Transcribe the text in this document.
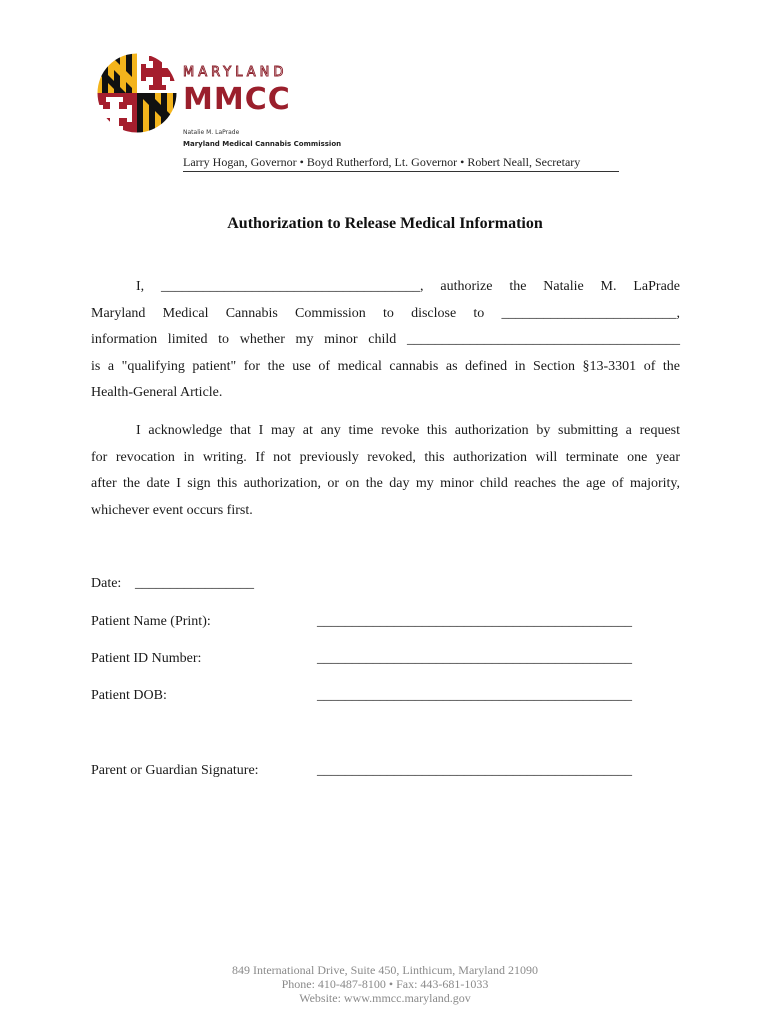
MARYLAND
MMCC
Natalie M. LaPrade
Maryland Medical Cannabis Commission
Larry Hogan, Governor • Boyd Rutherford, Lt. Governor • Robert Neall, Secretary
Authorization to Release Medical Information
I, _____________________________________, authorize the Natalie M. LaPrade
Maryland Medical Cannabis Commission to disclose to _________________________,
information limited to whether my minor child _______________________________________
is a "qualifying patient" for the use of medical cannabis as defined in Section §13-3301 of the
Health-General Article.
I acknowledge that I may at any time revoke this authorization by submitting a request
for revocation in writing. If not previously revoked, this authorization will terminate one year
after the date I sign this authorization, or on the day my minor child reaches the age of majority,
whichever event occurs first.
Date: _________________
Patient Name (Print):	_____________________________________________
Patient ID Number:	_____________________________________________
Patient DOB:	_____________________________________________
Parent or Guardian Signature:	_____________________________________________
849 International Drive, Suite 450, Linthicum, Maryland 21090
Phone: 410-487-8100 • Fax: 443-681-1033
Website: www.mmcc.maryland.gov
